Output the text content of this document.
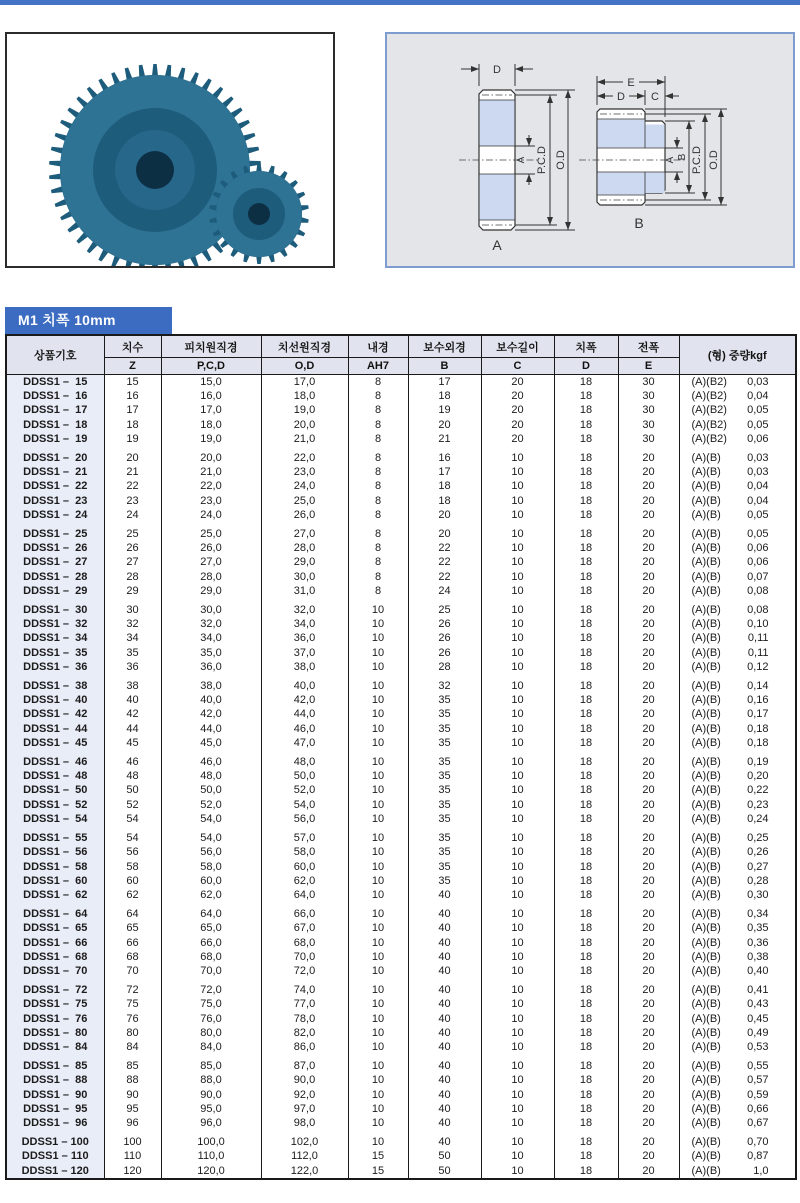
D
A P.C.D O.D
A
E
D C
A B P.C.D O.D
B
M1 치폭 10mm
상품기호	치수	피치원직경	치선원직경	내경	보수외경	보수길이	치폭	전폭	(형) 중량kgf
	Z	P,C,D	O,D	AH7	B	C	D	E	
DDSS1 –  15	15	15,0	17,0	8	17	20	18	30	(A)(B2) 0,03

DDSS1 –  16	16	16,0	18,0	8	18	20	18	30	(A)(B2) 0,04

DDSS1 –  17	17	17,0	19,0	8	19	20	18	30	(A)(B2) 0,05

DDSS1 –  18	18	18,0	20,0	8	20	20	18	30	(A)(B2) 0,05

DDSS1 –  19	19	19,0	21,0	8	21	20	18	30	(A)(B2) 0,06

DDSS1 –  20	20	20,0	22,0	8	16	10	18	20	(A)(B) 0,03

DDSS1 –  21	21	21,0	23,0	8	17	10	18	20	(A)(B) 0,03

DDSS1 –  22	22	22,0	24,0	8	18	10	18	20	(A)(B) 0,04

DDSS1 –  23	23	23,0	25,0	8	18	10	18	20	(A)(B) 0,04

DDSS1 –  24	24	24,0	26,0	8	20	10	18	20	(A)(B) 0,05

DDSS1 –  25	25	25,0	27,0	8	20	10	18	20	(A)(B) 0,05

DDSS1 –  26	26	26,0	28,0	8	22	10	18	20	(A)(B) 0,06

DDSS1 –  27	27	27,0	29,0	8	22	10	18	20	(A)(B) 0,06

DDSS1 –  28	28	28,0	30,0	8	22	10	18	20	(A)(B) 0,07

DDSS1 –  29	29	29,0	31,0	8	24	10	18	20	(A)(B) 0,08

DDSS1 –  30	30	30,0	32,0	10	25	10	18	20	(A)(B) 0,08

DDSS1 –  32	32	32,0	34,0	10	26	10	18	20	(A)(B) 0,10

DDSS1 –  34	34	34,0	36,0	10	26	10	18	20	(A)(B) 0,11

DDSS1 –  35	35	35,0	37,0	10	26	10	18	20	(A)(B) 0,11

DDSS1 –  36	36	36,0	38,0	10	28	10	18	20	(A)(B) 0,12

DDSS1 –  38	38	38,0	40,0	10	32	10	18	20	(A)(B) 0,14

DDSS1 –  40	40	40,0	42,0	10	35	10	18	20	(A)(B) 0,16

DDSS1 –  42	42	42,0	44,0	10	35	10	18	20	(A)(B) 0,17

DDSS1 –  44	44	44,0	46,0	10	35	10	18	20	(A)(B) 0,18

DDSS1 –  45	45	45,0	47,0	10	35	10	18	20	(A)(B) 0,18

DDSS1 –  46	46	46,0	48,0	10	35	10	18	20	(A)(B) 0,19

DDSS1 –  48	48	48,0	50,0	10	35	10	18	20	(A)(B) 0,20

DDSS1 –  50	50	50,0	52,0	10	35	10	18	20	(A)(B) 0,22

DDSS1 –  52	52	52,0	54,0	10	35	10	18	20	(A)(B) 0,23

DDSS1 –  54	54	54,0	56,0	10	35	10	18	20	(A)(B) 0,24

DDSS1 –  55	54	54,0	57,0	10	35	10	18	20	(A)(B) 0,25

DDSS1 –  56	56	56,0	58,0	10	35	10	18	20	(A)(B) 0,26

DDSS1 –  58	58	58,0	60,0	10	35	10	18	20	(A)(B) 0,27

DDSS1 –  60	60	60,0	62,0	10	35	10	18	20	(A)(B) 0,28

DDSS1 –  62	62	62,0	64,0	10	40	10	18	20	(A)(B) 0,30

DDSS1 –  64	64	64,0	66,0	10	40	10	18	20	(A)(B) 0,34

DDSS1 –  65	65	65,0	67,0	10	40	10	18	20	(A)(B) 0,35

DDSS1 –  66	66	66,0	68,0	10	40	10	18	20	(A)(B) 0,36

DDSS1 –  68	68	68,0	70,0	10	40	10	18	20	(A)(B) 0,38

DDSS1 –  70	70	70,0	72,0	10	40	10	18	20	(A)(B) 0,40

DDSS1 –  72	72	72,0	74,0	10	40	10	18	20	(A)(B) 0,41

DDSS1 –  75	75	75,0	77,0	10	40	10	18	20	(A)(B) 0,43

DDSS1 –  76	76	76,0	78,0	10	40	10	18	20	(A)(B) 0,45

DDSS1 –  80	80	80,0	82,0	10	40	10	18	20	(A)(B) 0,49

DDSS1 –  84	84	84,0	86,0	10	40	10	18	20	(A)(B) 0,53

DDSS1 –  85	85	85,0	87,0	10	40	10	18	20	(A)(B) 0,55

DDSS1 –  88	88	88,0	90,0	10	40	10	18	20	(A)(B) 0,57

DDSS1 –  90	90	90,0	92,0	10	40	10	18	20	(A)(B) 0,59

DDSS1 –  95	95	95,0	97,0	10	40	10	18	20	(A)(B) 0,66

DDSS1 –  96	96	96,0	98,0	10	40	10	18	20	(A)(B) 0,67

DDSS1 – 100	100	100,0	102,0	10	40	10	18	20	(A)(B) 0,70

DDSS1 – 110	110	110,0	112,0	15	50	10	18	20	(A)(B) 0,87

DDSS1 – 120	120	120,0	122,0	15	50	10	18	20	(A)(B) 1,0
